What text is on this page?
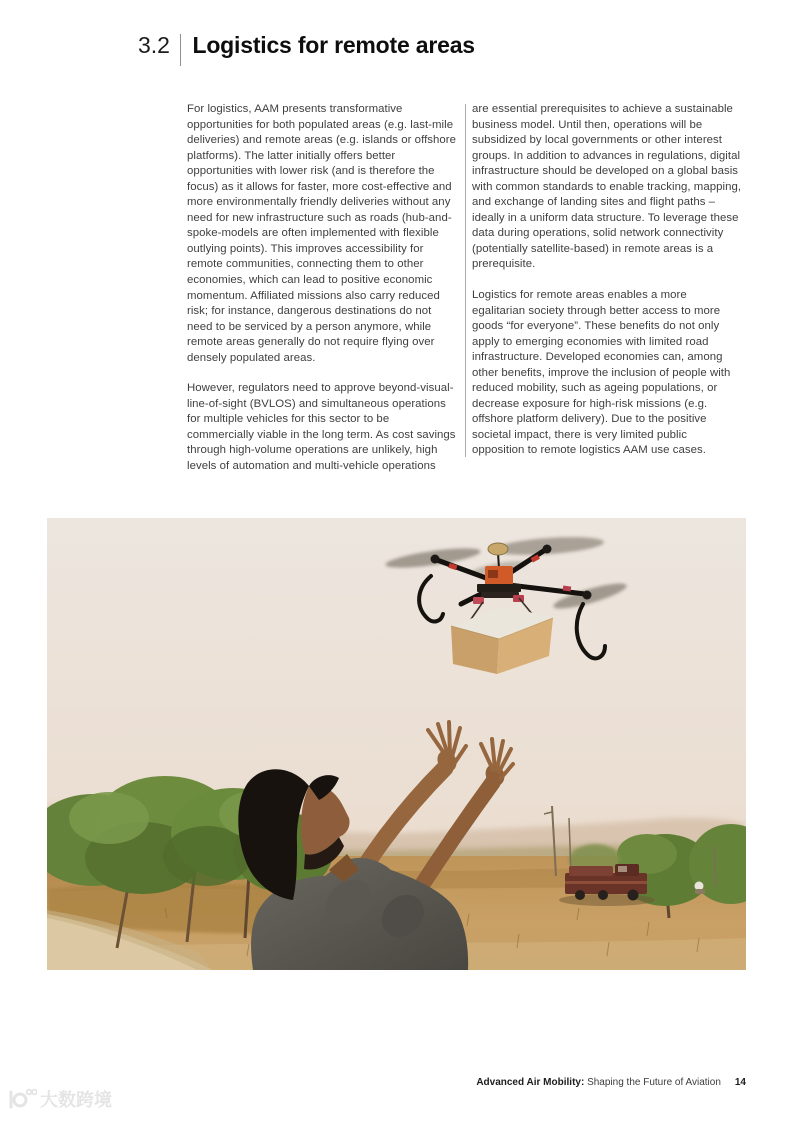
3.2 Logistics for remote areas

For logistics, AAM presents transformative opportunities for both populated areas (e.g. last-mile deliveries) and remote areas (e.g. islands or offshore platforms). The latter initially offers better opportunities with lower risk (and is therefore the focus) as it allows for faster, more cost-effective and more environmentally friendly deliveries without any need for new infrastructure such as roads (hub-and-spoke-models are often implemented with flexible outlying points). This improves accessibility for remote communities, connecting them to other economies, which can lead to positive economic momentum. Affiliated missions also carry reduced risk; for instance, dangerous destinations do not need to be serviced by a person anymore, while remote areas generally do not require flying over densely populated areas.

However, regulators need to approve beyond-visual-line-of-sight (BVLOS) and simultaneous operations for multiple vehicles for this sector to be commercially viable in the long term. As cost savings through high-volume operations are unlikely, high levels of automation and multi-vehicle operations

are essential prerequisites to achieve a sustainable business model. Until then, operations will be subsidized by local governments or other interest groups. In addition to advances in regulations, digital infrastructure should be developed on a global basis with common standards to enable tracking, mapping, and exchange of landing sites and flight paths – ideally in a uniform data structure. To leverage these data during operations, solid network connectivity (potentially satellite-based) in remote areas is a prerequisite.

Logistics for remote areas enables a more egalitarian society through better access to more goods “for everyone”. These benefits do not only apply to emerging economies with limited road infrastructure. Developed economies can, among other benefits, improve the inclusion of people with reduced mobility, such as ageing populations, or decrease exposure for high-risk missions (e.g. offshore platform delivery). Due to the positive societal impact, there is very limited public opposition to remote logistics AAM use cases.

Advanced Air Mobility: Shaping the Future of Aviation 14
大数跨境
